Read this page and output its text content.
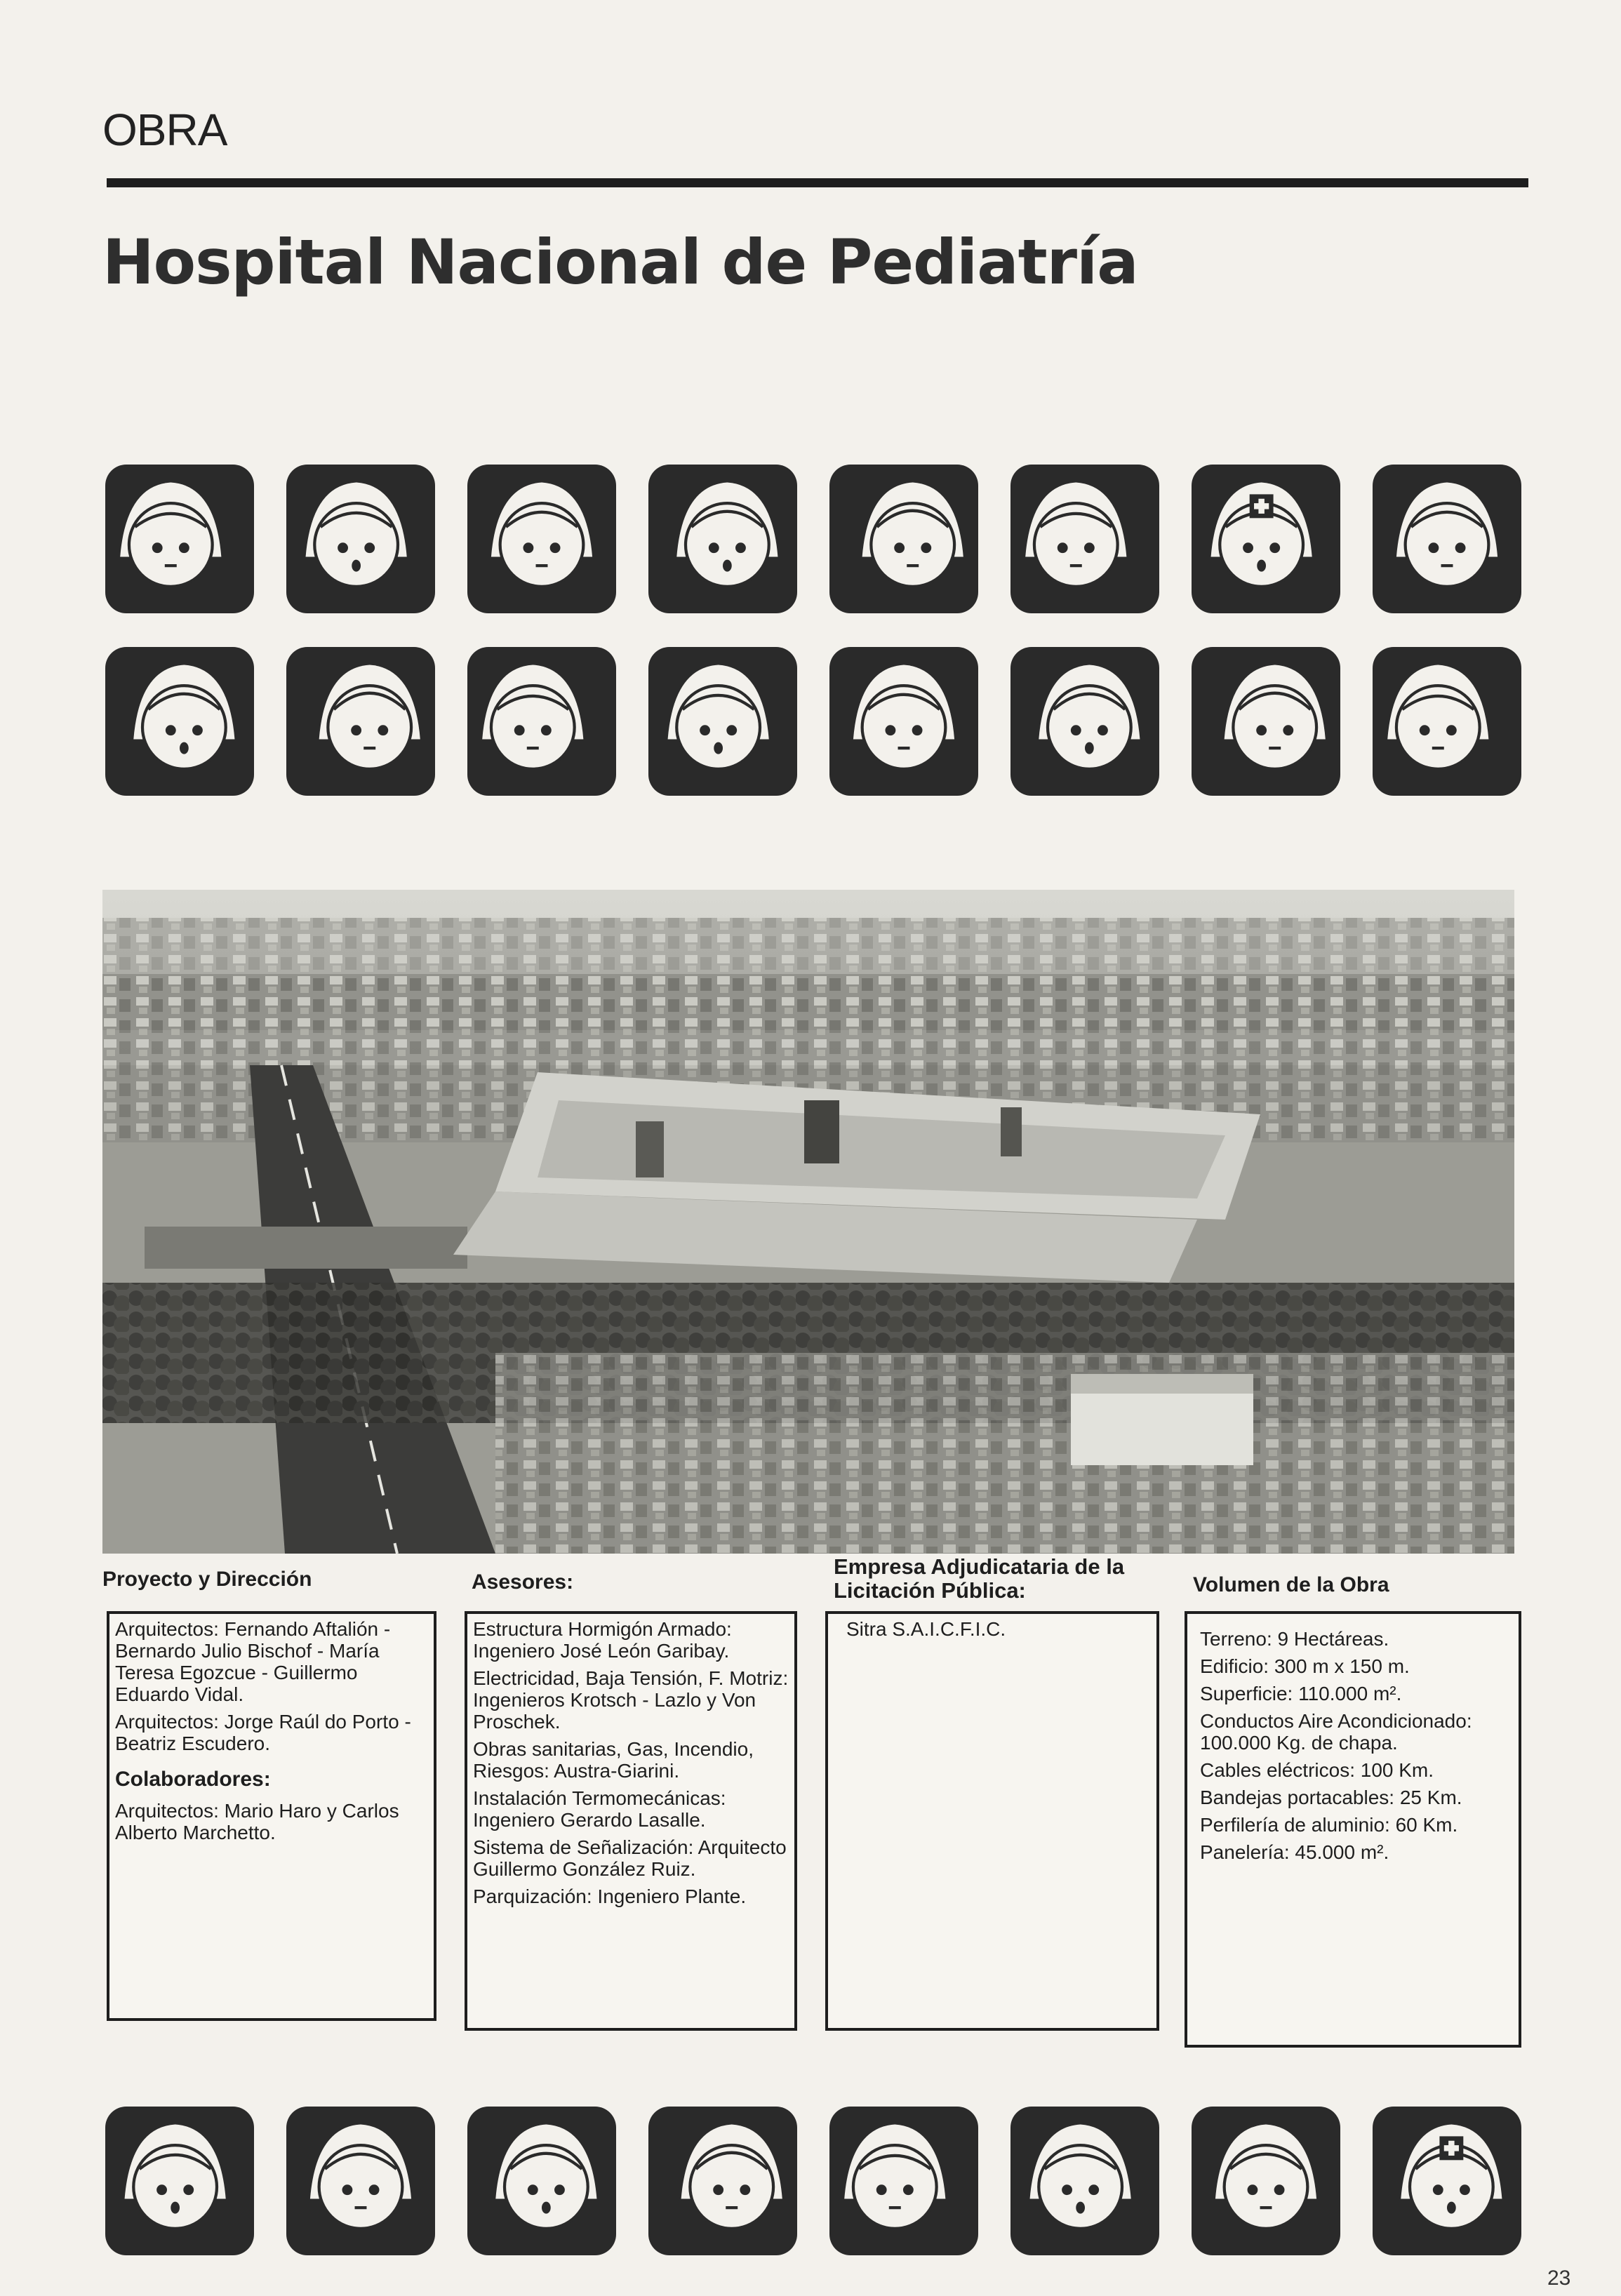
OBRA
Hospital Nacional de Pediatría
Proyecto y Dirección

Arquitectos: Fernando Aftalión - Bernardo Julio Bischof - María Teresa Egozcue - Guillermo Eduardo Vidal.

Arquitectos: Jorge Raúl do Porto - Beatriz Escudero.

Colaboradores:

Arquitectos: Mario Haro y Carlos Alberto Marchetto.

Asesores:

Estructura Hormigón Armado: Ingeniero José León Garibay.

Electricidad, Baja Tensión, F. Motriz: Ingenieros Krotsch - Lazlo y Von Proschek.

Obras sanitarias, Gas, Incendio, Riesgos: Austra-Giarini.

Instalación Termomecánicas: Ingeniero Gerardo Lasalle.

Sistema de Señalización: Arquitecto Guillermo González Ruiz.

Parquización: Ingeniero Plante.

Empresa Adjudicataria de la Licitación Pública:

Sitra S.A.I.C.F.I.C.

Volumen de la Obra

Terreno: 9 Hectáreas.

Edificio: 300 m x 150 m.

Superficie: 110.000 m².

Conductos Aire Acondicionado: 100.000 Kg. de chapa.

Cables eléctricos: 100 Km.

Bandejas portacables: 25 Km.

Perfilería de aluminio: 60 Km.

Panelería: 45.000 m².

23
